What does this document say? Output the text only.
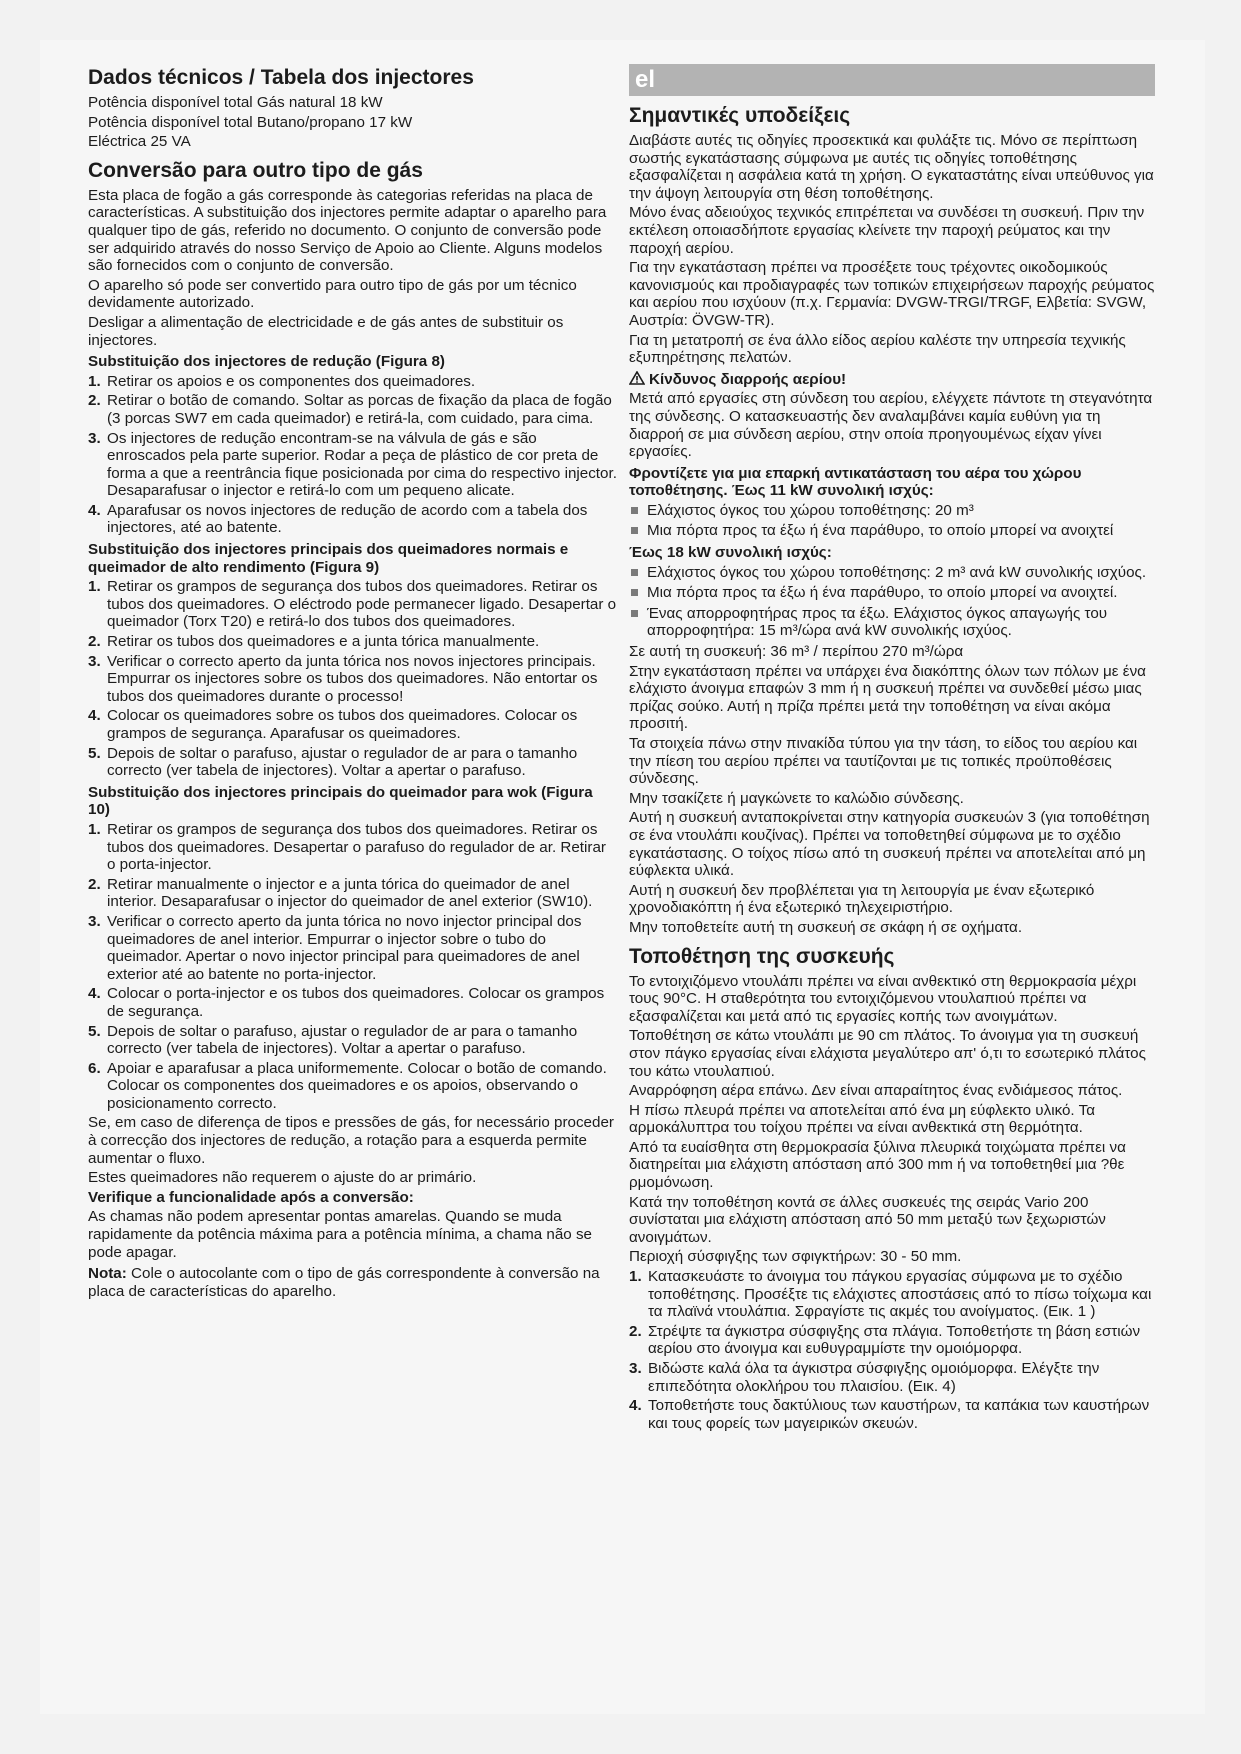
Dados técnicos / Tabela dos injectores

Potência disponível total Gás natural 18 kW

Potência disponível total Butano/propano 17 kW

Eléctrica 25 VA

Conversão para outro tipo de gás

Esta placa de fogão a gás corresponde às categorias referidas na placa de características. A substituição dos injectores permite adaptar o aparelho para qualquer tipo de gás, referido no documento. O conjunto de conversão pode ser adquirido através do nosso Serviço de Apoio ao Cliente. Alguns modelos são fornecidos com o conjunto de conversão.

O aparelho só pode ser convertido para outro tipo de gás por um técnico devidamente autorizado.

Desligar a alimentação de electricidade e de gás antes de substituir os injectores.

Substituição dos injectores de redução (Figura 8)
1. Retirar os apoios e os componentes dos queimadores.
2. Retirar o botão de comando. Soltar as porcas de fixação da placa de fogão (3 porcas SW7 em cada queimador) e retirá-la, com cuidado, para cima.
3. Os injectores de redução encontram-se na válvula de gás e são enroscados pela parte superior. Rodar a peça de plástico de cor preta de forma a que a reentrância fique posicionada por cima do respectivo injector. Desaparafusar o injector e retirá-lo com um pequeno alicate.
4. Aparafusar os novos injectores de redução de acordo com a tabela dos injectores, até ao batente.
Substituição dos injectores principais dos queimadores normais e queimador de alto rendimento (Figura 9)
1. Retirar os grampos de segurança dos tubos dos queimadores. Retirar os tubos dos queimadores. O eléctrodo pode permanecer ligado. Desapertar o queimador (Torx T20) e retirá-lo dos tubos dos queimadores.
2. Retirar os tubos dos queimadores e a junta tórica manualmente.
3. Verificar o correcto aperto da junta tórica nos novos injectores principais. Empurrar os injectores sobre os tubos dos queimadores. Não entortar os tubos dos queimadores durante o processo!
4. Colocar os queimadores sobre os tubos dos queimadores. Colocar os grampos de segurança. Aparafusar os queimadores.
5. Depois de soltar o parafuso, ajustar o regulador de ar para o tamanho correcto (ver tabela de injectores). Voltar a apertar o parafuso.
Substituição dos injectores principais do queimador para wok (Figura 10)
1. Retirar os grampos de segurança dos tubos dos queimadores. Retirar os tubos dos queimadores. Desapertar o parafuso do regulador de ar. Retirar o porta-injector.
2. Retirar manualmente o injector e a junta tórica do queimador de anel interior. Desaparafusar o injector do queimador de anel exterior (SW10).
3. Verificar o correcto aperto da junta tórica no novo injector principal dos queimadores de anel interior. Empurrar o injector sobre o tubo do queimador. Apertar o novo injector principal para queimadores de anel exterior até ao batente no porta-injector.
4. Colocar o porta-injector e os tubos dos queimadores. Colocar os grampos de segurança.
5. Depois de soltar o parafuso, ajustar o regulador de ar para o tamanho correcto (ver tabela de injectores). Voltar a apertar o parafuso.
6. Apoiar e aparafusar a placa uniformemente. Colocar o botão de comando. Colocar os componentes dos queimadores e os apoios, observando o posicionamento correcto.

Se, em caso de diferença de tipos e pressões de gás, for necessário proceder à correcção dos injectores de redução, a rotação para a esquerda permite aumentar o fluxo.

Estes queimadores não requerem o ajuste do ar primário.

Verifique a funcionalidade após a conversão:

As chamas não podem apresentar pontas amarelas. Quando se muda rapidamente da potência máxima para a potência mínima, a chama não se pode apagar.

Nota: Cole o autocolante com o tipo de gás correspondente à conversão na placa de características do aparelho.

el
Σημαντικές υποδείξεις

Διαβάστε αυτές τις οδηγίες προσεκτικά και φυλάξτε τις. Μόνο σε περίπτωση σωστής εγκατάστασης σύμφωνα με αυτές τις οδηγίες τοποθέτησης εξασφαλίζεται η ασφάλεια κατά τη χρήση. Ο εγκαταστάτης είναι υπεύθυνος για την άψογη λειτουργία στη θέση τοποθέτησης.

Μόνο ένας αδειούχος τεχνικός επιτρέπεται να συνδέσει τη συσκευή. Πριν την εκτέλεση οποιασδήποτε εργασίας κλείνετε την παροχή ρεύματος και την παροχή αερίου.

Για την εγκατάσταση πρέπει να προσέξετε τους τρέχοντες οικοδομικούς κανονισμούς και προδιαγραφές των τοπικών επιχειρήσεων παροχής ρεύματος και αερίου που ισχύουν (π.χ. Γερμανία: DVGW-TRGI/TRGF, Ελβετία: SVGW, Αυστρία: ÖVGW-TR).

Για τη μετατροπή σε ένα άλλο είδος αερίου καλέστε την υπηρεσία τεχνικής εξυπηρέτησης πελατών.

Κίνδυνος διαρροής αερίου!

Μετά από εργασίες στη σύνδεση του αερίου, ελέγχετε πάντοτε τη στεγανότητα της σύνδεσης. Ο κατασκευαστής δεν αναλαμβάνει καμία ευθύνη για τη διαρροή σε μια σύνδεση αερίου, στην οποία προηγουμένως είχαν γίνει εργασίες.

Φροντίζετε για μια επαρκή αντικατάσταση του αέρα του χώρου τοποθέτησης. Έως 11 kW συνολική ισχύς:
Ελάχιστος όγκος του χώρου τοποθέτησης: 20 m³
Μια πόρτα προς τα έξω ή ένα παράθυρο, το οποίο μπορεί να ανοιχτεί
Έως 18 kW συνολική ισχύς:
Ελάχιστος όγκος του χώρου τοποθέτησης: 2 m³ ανά kW συνολικής ισχύος.
Μια πόρτα προς τα έξω ή ένα παράθυρο, το οποίο μπορεί να ανοιχτεί.
Ένας απορροφητήρας προς τα έξω. Ελάχιστος όγκος απαγωγής του απορροφητήρα: 15 m³/ώρα ανά kW συνολικής ισχύος.

Σε αυτή τη συσκευή: 36 m³ / περίπου 270 m³/ώρα

Στην εγκατάσταση πρέπει να υπάρχει ένα διακόπτης όλων των πόλων με ένα ελάχιστο άνοιγμα επαφών 3 mm ή η συσκευή πρέπει να συνδεθεί μέσω μιας πρίζας σούκο. Αυτή η πρίζα πρέπει μετά την τοποθέτηση να είναι ακόμα προσιτή.

Τα στοιχεία πάνω στην πινακίδα τύπου για την τάση, το είδος του αερίου και την πίεση του αερίου πρέπει να ταυτίζονται με τις τοπικές προϋποθέσεις σύνδεσης.

Μην τσακίζετε ή μαγκώνετε το καλώδιο σύνδεσης.

Αυτή η συσκευή ανταποκρίνεται στην κατηγορία συσκευών 3 (για τοποθέτηση σε ένα ντουλάπι κουζίνας). Πρέπει να τοποθετηθεί σύμφωνα με το σχέδιο εγκατάστασης. Ο τοίχος πίσω από τη συσκευή πρέπει να αποτελείται από μη εύφλεκτα υλικά.

Αυτή η συσκευή δεν προβλέπεται για τη λειτουργία με έναν εξωτερικό χρονοδιακόπτη ή ένα εξωτερικό τηλεχειριστήριο.

Μην τοποθετείτε αυτή τη συσκευή σε σκάφη ή σε οχήματα.

Τοποθέτηση της συσκευής

Το εντοιχιζόμενο ντουλάπι πρέπει να είναι ανθεκτικό στη θερμοκρασία μέχρι τους 90°C. Η σταθερότητα του εντοιχιζόμενου ντουλαπιού πρέπει να εξασφαλίζεται και μετά από τις εργασίες κοπής των ανοιγμάτων.

Τοποθέτηση σε κάτω ντουλάπι με 90 cm πλάτος. Το άνοιγμα για τη συσκευή στον πάγκο εργασίας είναι ελάχιστα μεγαλύτερο απ' ό,τι το εσωτερικό πλάτος του κάτω ντουλαπιού.

Αναρρόφηση αέρα επάνω. Δεν είναι απαραίτητος ένας ενδιάμεσος πάτος.

Η πίσω πλευρά πρέπει να αποτελείται από ένα μη εύφλεκτο υλικό. Τα αρμοκάλυπτρα του τοίχου πρέπει να είναι ανθεκτικά στη θερμότητα.

Από τα ευαίσθητα στη θερμοκρασία ξύλινα πλευρικά τοιχώματα πρέπει να διατηρείται μια ελάχιστη απόσταση από 300 mm ή να τοποθετηθεί μια ?θε ρμομόνωση.

Κατά την τοποθέτηση κοντά σε άλλες συσκευές της σειράς Vario 200 συνίσταται μια ελάχιστη απόσταση από 50 mm μεταξύ των ξεχωριστών ανοιγμάτων.

Περιοχή σύσφιγξης των σφιγκτήρων: 30 - 50 mm.

1. Κατασκευάστε το άνοιγμα του πάγκου εργασίας σύμφωνα με το σχέδιο τοποθέτησης. Προσέξτε τις ελάχιστες αποστάσεις από το πίσω τοίχωμα και τα πλαϊνά ντουλάπια. Σφραγίστε τις ακμές του ανοίγματος. (Εικ. 1 )
2. Στρέψτε τα άγκιστρα σύσφιγξης στα πλάγια. Τοποθετήστε τη βάση εστιών αερίου στο άνοιγμα και ευθυγραμμίστε την ομοιόμορφα.
3. Βιδώστε καλά όλα τα άγκιστρα σύσφιγξης ομοιόμορφα. Ελέγξτε την επιπεδότητα ολοκλήρου του πλαισίου. (Εικ. 4)
4. Τοποθετήστε τους δακτύλιους των καυστήρων, τα καπάκια των καυστήρων και τους φορείς των μαγειρικών σκευών.
